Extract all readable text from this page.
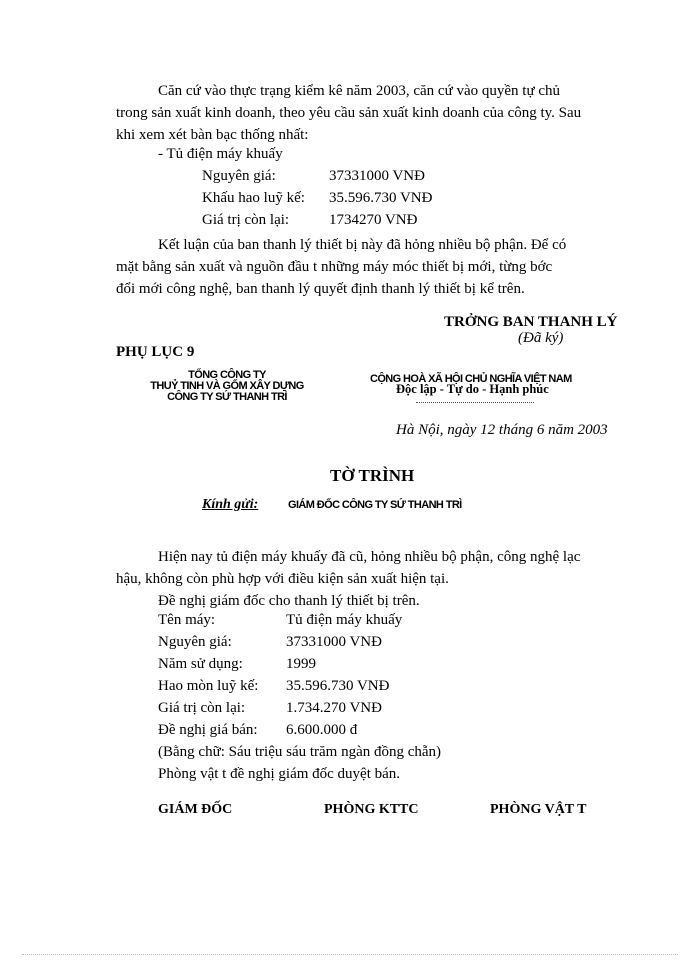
Căn cứ vào thực trạng kiểm kê năm 2003, căn cứ vào quyền tự chủ
trong sản xuất kinh doanh, theo yêu cầu sản xuất kinh doanh của công ty. Sau
khi xem xét bàn bạc thống nhất:
- Tủ điện máy khuấy
Nguyên giá:	37331000 VNĐ
Khấu hao luỹ kế: 35.596.730 VNĐ
Giá trị còn lại:	1734270 VNĐ
Kết luận của ban thanh lý thiết bị này đã hỏng nhiều bộ phận. Để có
mặt bằng sản xuất và nguồn đầu t những máy móc thiết bị mới, từng bớc
đổi mới công nghệ, ban thanh lý quyết định thanh lý thiết bị kể trên.
TRỞNG BAN THANH LÝ
(Đã ký)
PHỤ LỤC 9
TỔNG CÔNG TY
THUỶ TINH VÀ GỐM XÂY DỰNG
CÔNG TY SỨ THANH TRÌ
CỘNG HOÀ XÃ HỘI CHỦ NGHĨA VIỆT NAM
Độc lập - Tự do - Hạnh phúc
Hà Nội, ngày 12 tháng 6 năm 2003
TỜ TRÌNH
Kính gửi:	GIÁM ĐỐC CÔNG TY SỨ THANH TRÌ
Hiện nay tủ điện máy khuấy đã cũ, hỏng nhiều bộ phận, công nghệ lạc
hậu, không còn phù hợp với điều kiện sản xuất hiện tại.
Đề nghị giám đốc cho thanh lý thiết bị trên.
Tên máy:	Tủ điện máy khuấy
Nguyên giá:	37331000 VNĐ
Năm sử dụng:	1999
Hao mòn luỹ kế: 35.596.730 VNĐ
Giá trị còn lại:	1.734.270 VNĐ
Đề nghị giá bán: 6.600.000 đ
(Bằng chữ: Sáu triệu sáu trăm ngàn đồng chẵn)
Phòng vật t đề nghị giám đốc duyệt bán.
GIÁM ĐỐC	PHÒNG KTTC	PHÒNG VẬT T
